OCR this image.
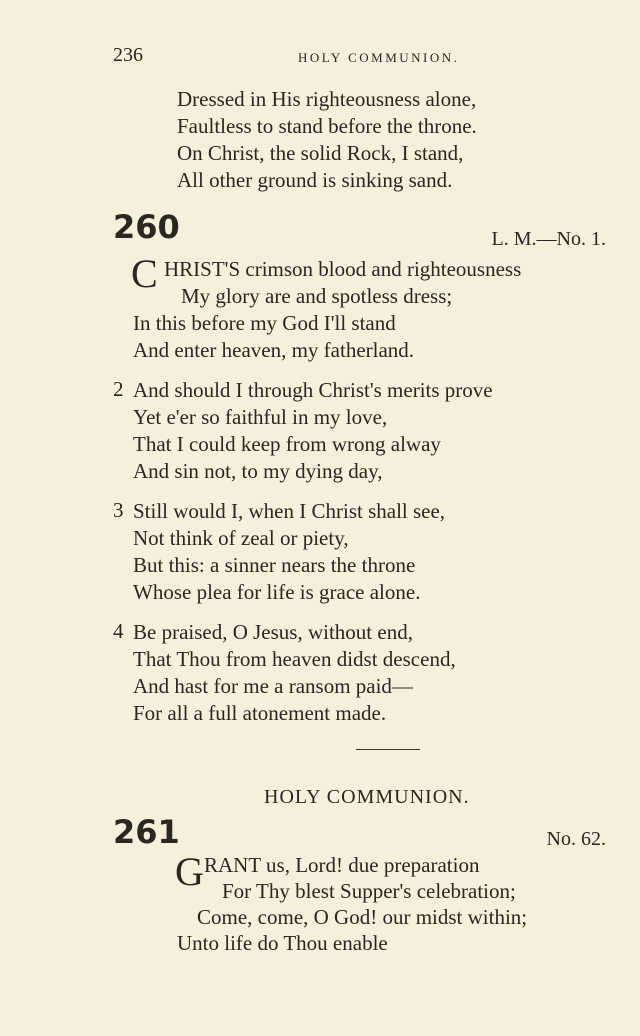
236	HOLY COMMUNION.
Dressed in His righteousness alone,
Faultless to stand before the throne.
On Christ, the solid Rock, I stand,
All other ground is sinking sand.
260	L. M.—No. 1.
C HRIST'S crimson blood and righteousness
My glory are and spotless dress;
In this before my God I'll stand
And enter heaven, my fatherland.
2 And should I through Christ's merits prove
Yet e'er so faithful in my love,
That I could keep from wrong alway
And sin not, to my dying day,
3 Still would I, when I Christ shall see,
Not think of zeal or piety,
But this: a sinner nears the throne
Whose plea for life is grace alone.
4 Be praised, O Jesus, without end,
That Thou from heaven didst descend,
And hast for me a ransom paid—
For all a full atonement made.
HOLY COMMUNION.
261	No. 62.
G RANT us, Lord! due preparation
For Thy blest Supper's celebration;
Come, come, O God! our midst within;
Unto life do Thou enable
